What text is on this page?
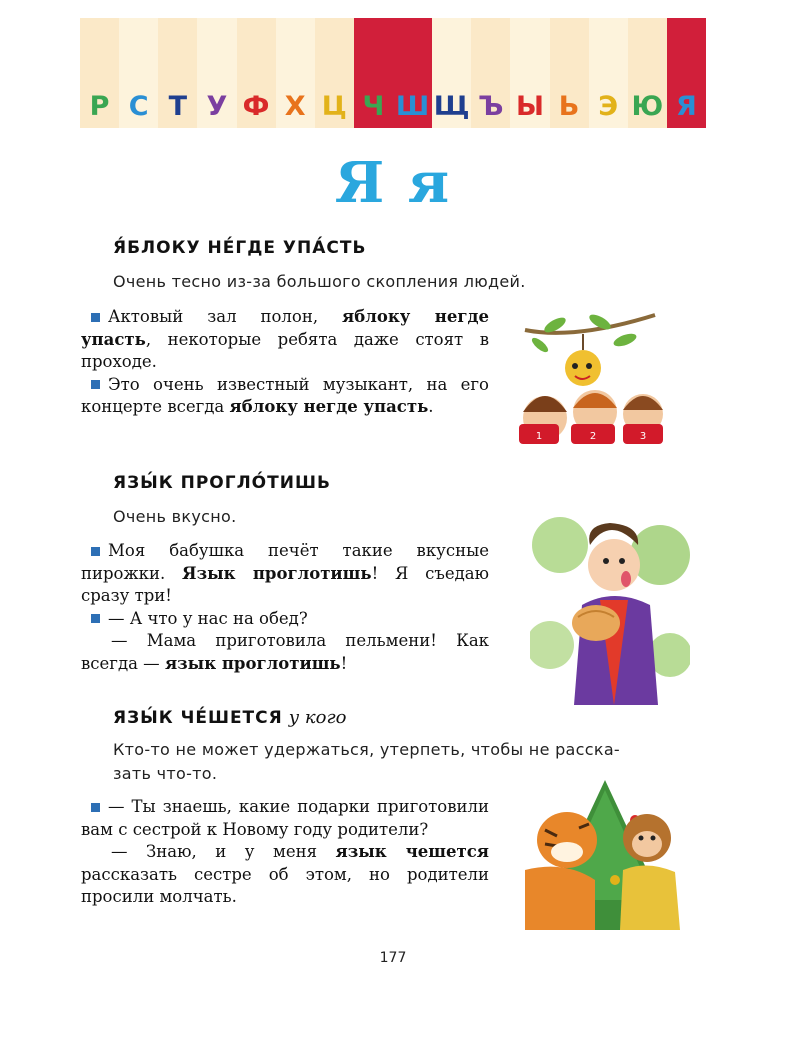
Р С Т У Ф Х Ц Ч Ш Щ Ъ Ы Ь Э Ю Я
Я я
Я́БЛОКУ НЕ́ГДЕ УПА́СТЬ
Очень тесно из-за большого скопления людей.

Актовый зал полон, яблоку негде упасть, некоторые ребята даже стоят в проходе.

Это очень известный музыкант, на его концерте всегда яблоку негде упасть.

1	2	3
ЯЗЫ́К ПРОГЛО́ТИШЬ
Очень вкусно.

Моя бабушка печёт такие вкусные пирожки. Язык проглотишь! Я съедаю сразу три!

— А что у нас на обед?

— Мама приготовила пельмени! Как всегда — язык проглотишь!

ЯЗЫ́К ЧЕ́ШЕТСЯ у кого
Кто-то не может удержаться, утерпеть, чтобы не расска-
зать что-то.

— Ты знаешь, какие подарки приготовили вам с сестрой к Новому году родители?

— Знаю, и у меня язык чешется рассказать сестре об этом, но родители просили молчать.

177
